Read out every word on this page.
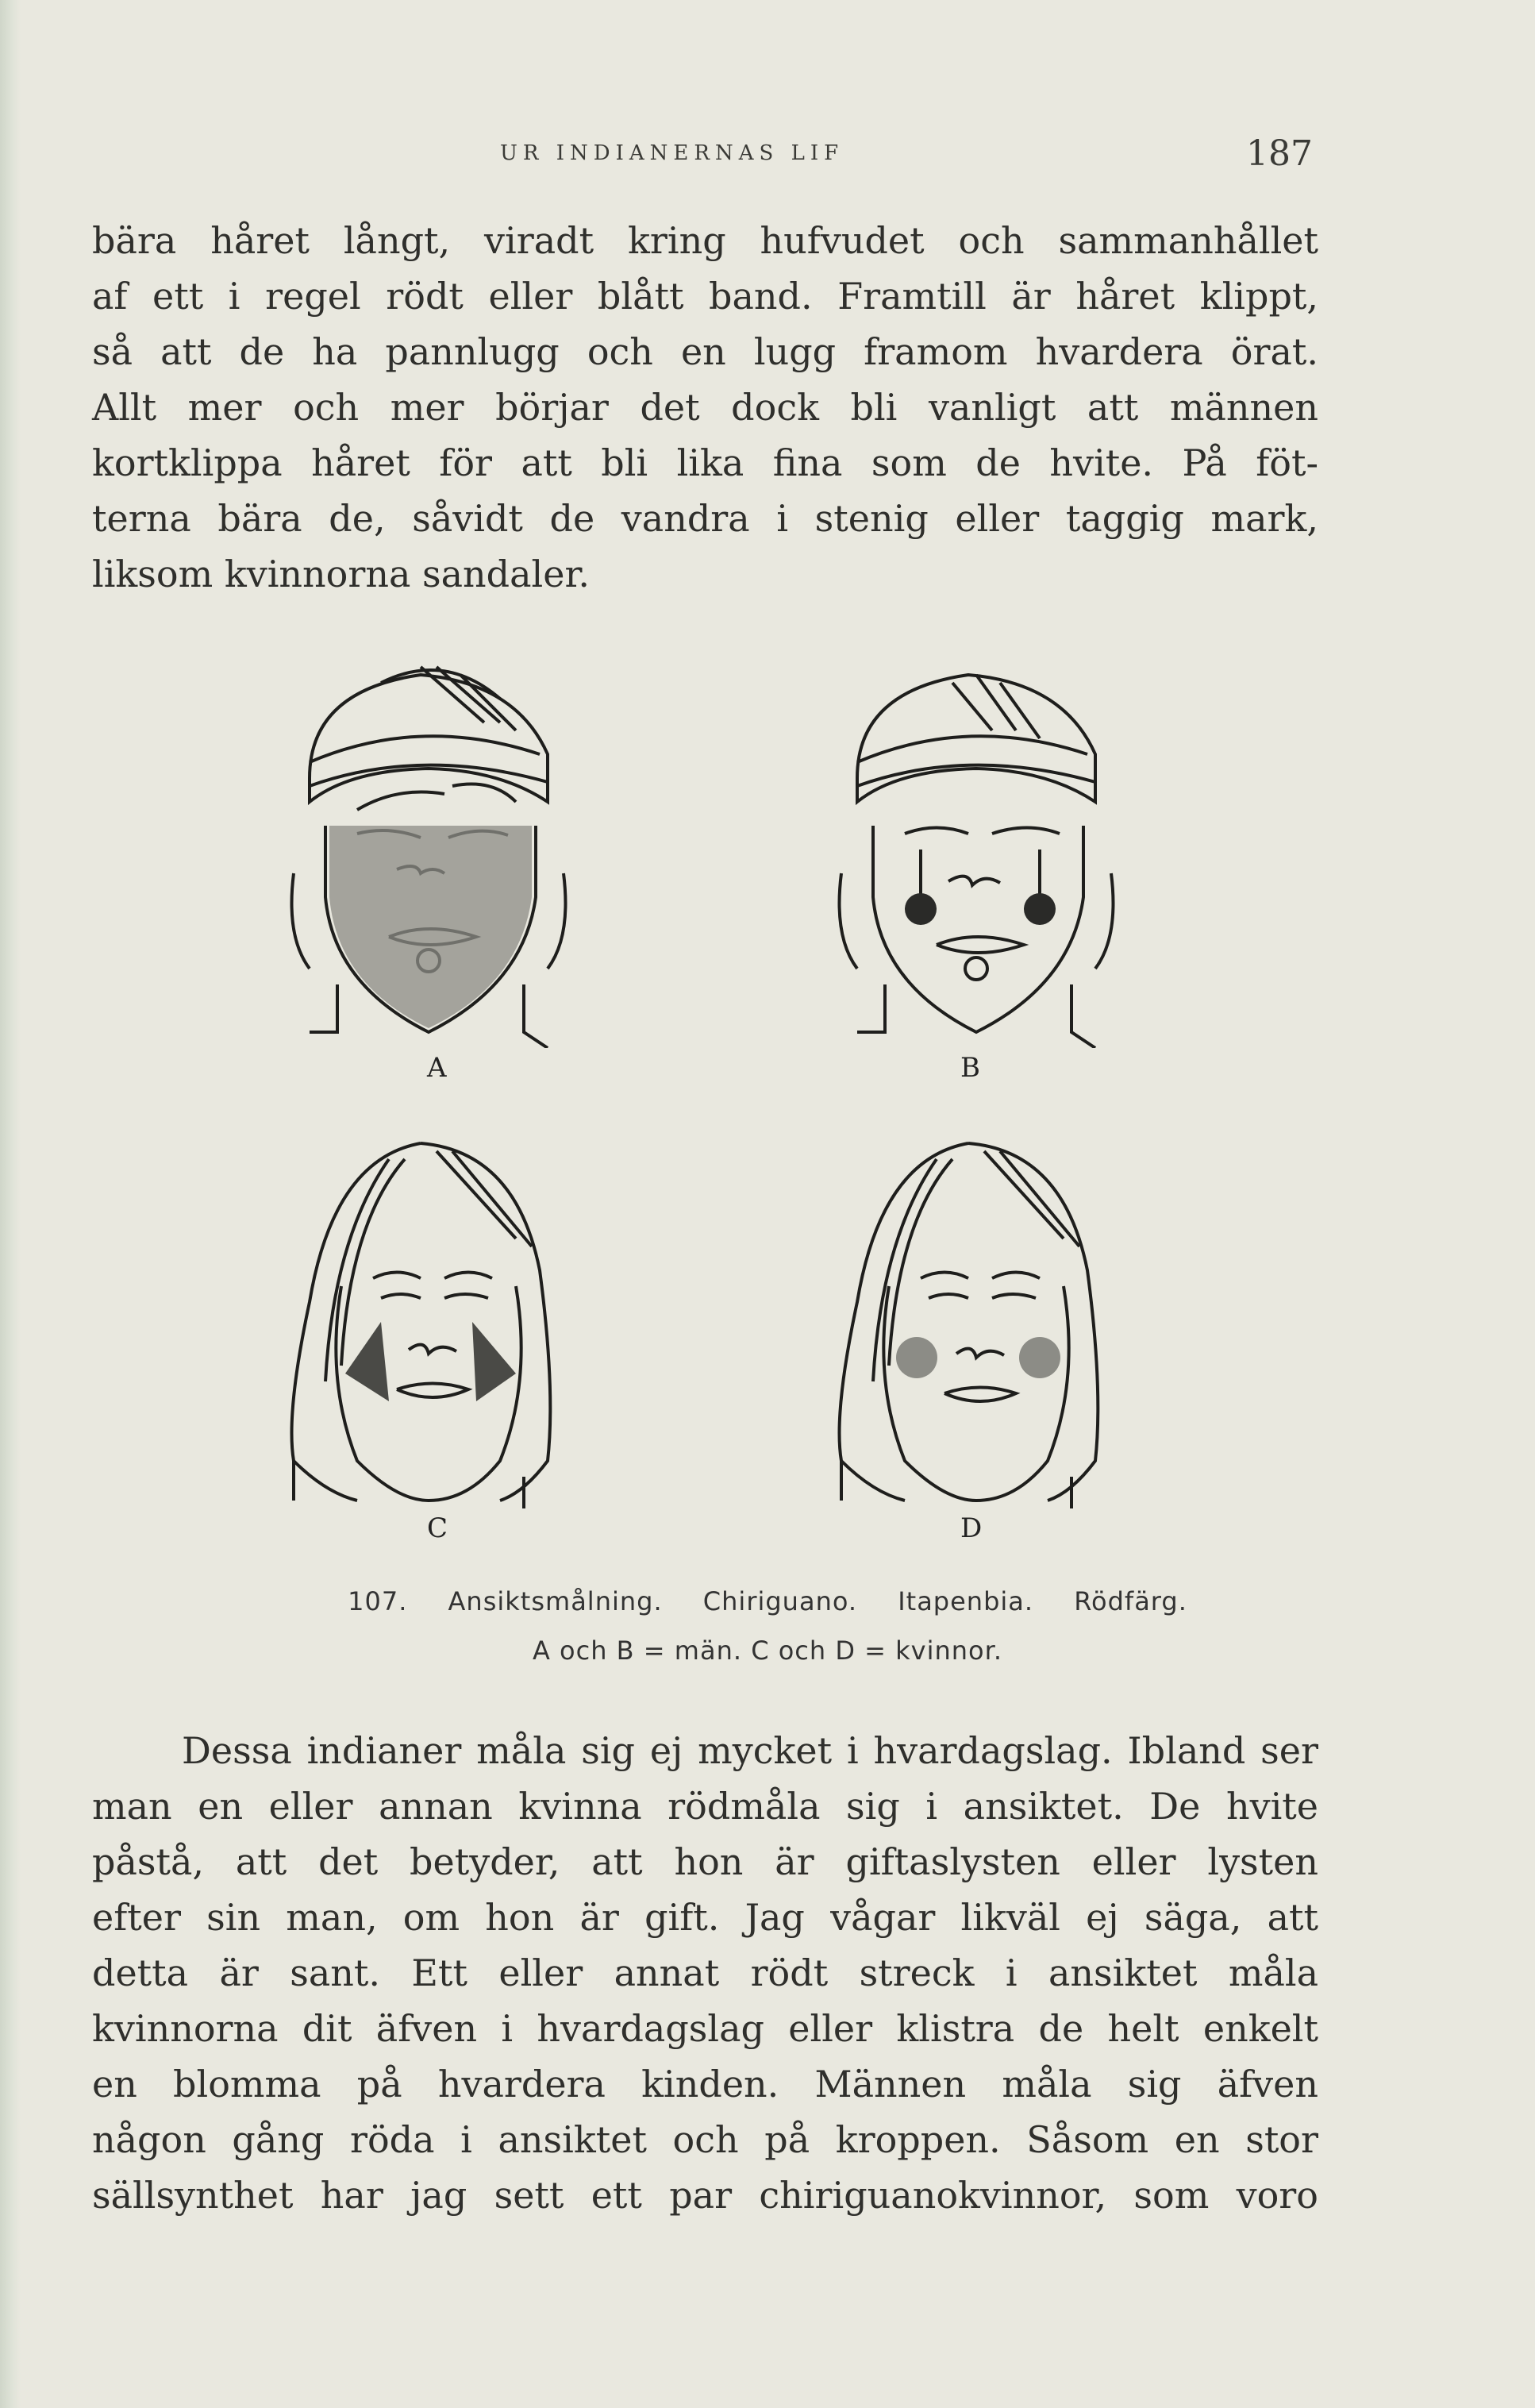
UR INDIANERNAS LIF	187
bära håret långt, viradt kring hufvudet och sammanhållet
af ett i regel rödt eller blått band. Framtill är håret klippt,
så att de ha pannlugg och en lugg framom hvardera örat.
Allt mer och mer börjar det dock bli vanligt att männen
kortklippa håret för att bli lika fina som de hvite. På föt-
terna bära de, såvidt de vandra i stenig eller taggig mark,
liksom kvinnorna sandaler.
A	B
C	D
107. Ansiktsmålning. Chiriguano. Itapenbia. Rödfärg.
A och B = män. C och D = kvinnor.
Dessa indianer måla sig ej mycket i hvardagslag. Ibland ser
man en eller annan kvinna rödmåla sig i ansiktet. De hvite
påstå, att det betyder, att hon är giftaslysten eller lysten
efter sin man, om hon är gift. Jag vågar likväl ej säga, att
detta är sant. Ett eller annat rödt streck i ansiktet måla
kvinnorna dit äfven i hvardagslag eller klistra de helt enkelt
en blomma på hvardera kinden. Männen måla sig äfven
någon gång röda i ansiktet och på kroppen. Såsom en stor
sällsynthet har jag sett ett par chiriguanokvinnor, som voro
